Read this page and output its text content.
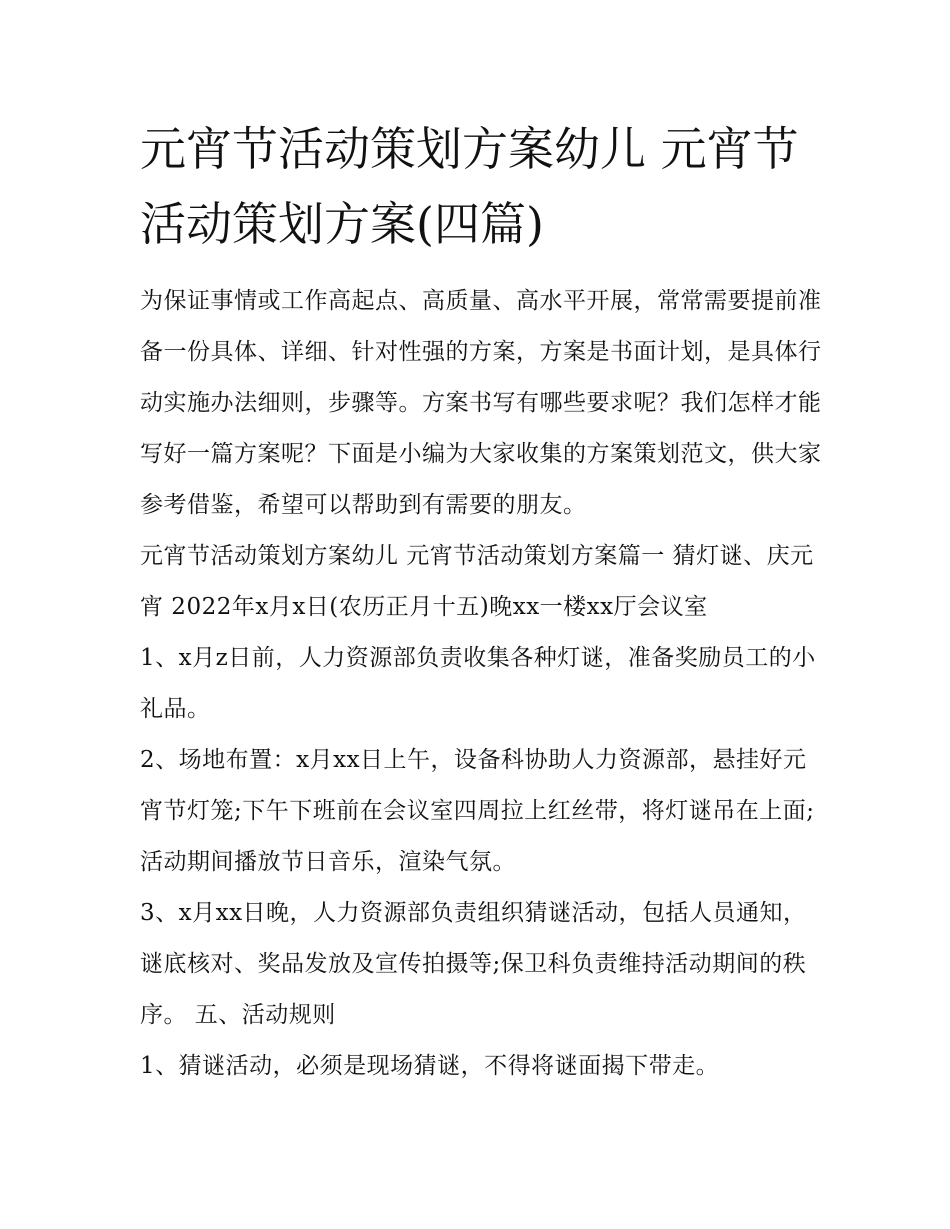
元宵节活动策划方案幼儿 元宵节活动策划方案(四篇)

为保证事情或工作高起点、高质量、高水平开展，常常需要提前准备一份具体、详细、针对性强的方案，方案是书面计划，是具体行动实施办法细则，步骤等。方案书写有哪些要求呢？我们怎样才能写好一篇方案呢？下面是小编为大家收集的方案策划范文，供大家参考借鉴，希望可以帮助到有需要的朋友。

元宵节活动策划方案幼儿 元宵节活动策划方案篇一 猜灯谜、庆元宵 2022年x月x日(农历正月十五)晚xx一楼xx厅会议室

1、x月z日前，人力资源部负责收集各种灯谜，准备奖励员工的小礼品。

2、场地布置：x月xx日上午，设备科协助人力资源部，悬挂好元宵节灯笼;下午下班前在会议室四周拉上红丝带，将灯谜吊在上面;活动期间播放节日音乐，渲染气氛。

3、x月xx日晚，人力资源部负责组织猜谜活动，包括人员通知，谜底核对、奖品发放及宣传拍摄等;保卫科负责维持活动期间的秩序。 五、活动规则

1、猜谜活动，必须是现场猜谜，不得将谜面揭下带走。
